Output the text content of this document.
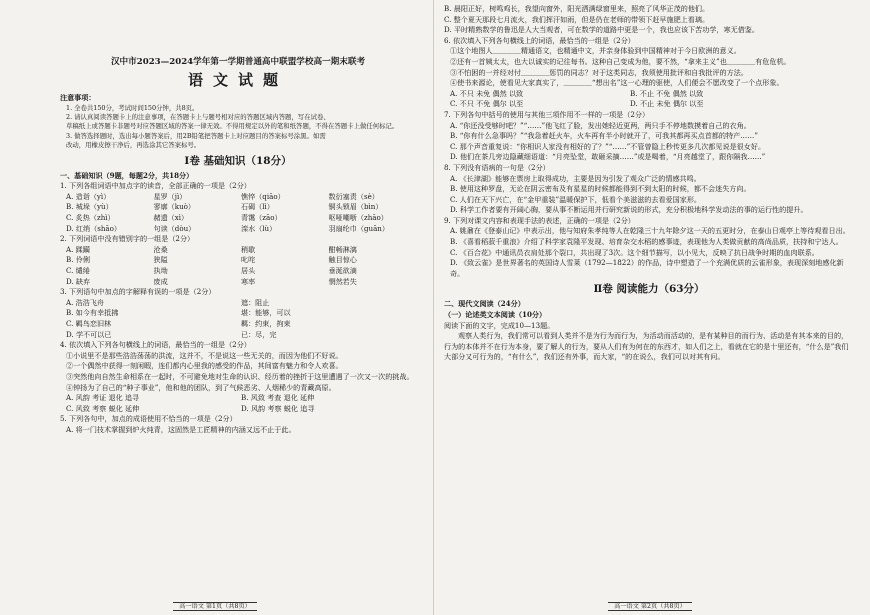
汉中市2023—2024学年第一学期普通高中联盟学校高一期末联考
语文试题
注意事项：
1. 全卷共150分，考试时间150分钟，共8页。
2. 请认真阅读答题卡上的注意事项，在答题卡上与题号相对应的答题区域内答题，写在试卷、
草稿纸上或答题卡非题号对应答题区域的答案一律无效。不得用规定以外的笔和纸答题，不得在答题卡上做任何标记。
3. 做答选择题时，选出每小题答案后，用2B铅笔把答题卡上对应题目的答案标号涂黑。如需
改动，用橡皮擦干净后，再选涂其它答案标号。
Ⅰ卷 基础知识（18分）
一、基础知识（9题，每题2分，共18分）
1. 下列各组词语中加点字的读音，全部正确的一项是（2分）
A. 造诣（yì）	星罗（jì）	憔悴（qiāo）	数衍塞责（sè）
B. 城垛（yù）	寥廓（kuò）	石碣（lì）	铜头锁眉（bìn）
C. 炙热（zhì）	赭遗（xì）	青霭（zāo）	呕哑嘲哳（zhāo）
D. 红绡（shāo）	句读（dòu）	滦水（lù）	羽扇纶巾（guān）
2. 下列词语中没有错别字的一组是（2分）
A. 蹂躏	沧桑	稍歇	酣畅淋漓
B. 伶俐	狭隘	叱咤	触目惊心
C. 缱绻	执坳	居头	垂涎欲滴
D. 缺弃	废成	寒率	惘然若失
3. 下列语句中加点的字解释有误的一项是（2分）
A. 浩浩飞舟	遮：阻止
B. 如今有幸抵拂	堪：能够，可以
C. 羁鸟恋旧林	羁：约束，拘束
D. 学不可以已	已：尽，完
4. 依次填入下列各句横线上的词语，最恰当的一组是（2分）
①小说里不是那些浩浩荡荡的洪流，这并不，不是说这一些无关的，而因为他们不好说。
②一个偶然中获得一刻闲暇，连们都内心里我的感受的作品，其间富有魅力和令人欢喜。
③突然他向自然生命相系在一起时，不可避免地对生命的认识、经历着的挫折于这里遭遇了一次又一次的挑战。
④钟扬为了自己的“种子事业”，他和他的团队，到了气候恶劣、人烟稀少的青藏高原。
A. 风韵 考证 退化 追寻	B. 风致 考查 退化 延伸
C. 风致 考察 蜕化 延伸	D. 风韵 考察 蜕化 追寻
5. 下列各句中，加点的成语使用不恰当的一项是（2分）
A. 将一门技术掌握到炉火纯青，这固然是工匠精神的内涵又远不止于此。
高一语文 第1页（共8页）
B. 晨阳正好，树鸣鸡长，我望向窗外，阳光洒满绿窗里来，照亮了风华正茂的他们。
C. 整个夏天那段七月流火，我们挥汗如雨，但是仍在老师的带领下赶早施肥上看璃。
D. 平时精熟数学的鲁迅是人大当观者，可在数学的道路中更是一个，我也应该下苦功学，寒无借鉴。
6. 依次填入下列各句横线上的词语，最恰当的一组是（2分）
①这个地图人＿＿＿＿精通语文，也精通中文，并亲身体验到中国精神对于今日欧洲的意义。
②还有一首姨太太，也大以诚实的记往每书。这种自己变成为他，要不然，“拿来主义”也＿＿＿＿有危危机。
③不怕困的一并经对付＿＿＿＿惩罚的同志？对于这类同志，我须使用批评和自我批评的方法。
④使书来源论，使看见大家真实了，＿＿＿＿“想出名”这一心理的驱使，人们便会不愿改变了一个点形象。
A. 不只 未免 偶然 以致	B. 不止 不免 偶然 以致
C. 不只 不免 偶尔 以至	D. 不止 未免 偶尔 以至
7. 下列各句中括号的使用与其他三项作用不一样的一项是（2分）
A. “你还没受够时吧？”“……”他飞红了脸，发出她轻近更两，两只手不停地数摸着自己的衣角。
B. “你有什么急事吗？”“我急着赶火车，火车再有半小时就开了，可我其都再买点首都的特产……”
C. 那个声音重复说：“你相识人家没有相好的了？”“……”不管曾隐上秒传更多几次都见说是很女好。
D. 他们在茶几旁边隐藏细语道：“月亮坠堂，敢砸采摘……”或是喝着，“月亮越堂了，跟你隔我……”
8. 下列没有语病的一句是（2分）
A. 《长津湖》能够在票房上取得成功，主要是因为引发了观众广泛的情感共鸣。
B. 使用这种罗盘，无论在阴云密布及有星星的时候都能得到不到太阳的时候，都不会迷失方向。
C. 人们在天下兴亡，在“金甲重装”温暖保护下，低看个美滋滋的去看爱国家形。
D. 科学工作者要有开阔心胸，要从事不断运用并行研究新说的形式，充分积极地科学发动法的事的运行性的提升。
9. 下列对课文内容和表现手法的表述，正确的一项是（2分）
A. 姚鼐在《登泰山记》中表示出，他与知府朱孝纯等人在乾隆三十九年除夕这一天的五更时分，在泰山日观亭上等待观看日出。
B. 《喜看稻菽千重浪》介绍了科学家袁隆平发现、培育杂交水稻的感事迹，表现他为人类做贡献的高尚品质，扶持和宁达人。
C. 《百合花》中通讯员衣肩处那个裂口，共出现了3次。这个细节描写，以小见大，反映了抗日战争时期的血肉联系。
D. 《致云雀》是世界著名的英国诗人雪莱（1792—1822）的作品，诗中塑造了一个充满优质的云雀形象，表现深刻地感化新奇。
Ⅱ卷 阅读能力（63分）
二、现代文阅读（24分）
（一）论述类文本阅读（10分）
阅读下面的文字，完成10—13题。
观察人类行为，我们常可以看到人类并不是为行为而行为，为活动而活动的，是有某种目的而行为、活动是有其本来的目的，行为的本体并不在行为本身，要了解人的行为，要从人们有为何在的东西才，如人们之上，看就在它的是十里还有，“什么是”我们大部分又可行为的，“有什么”，我们还有外事，而大家，“的在说么，我们可以对其有问。
高一语文 第2页（共8页）
